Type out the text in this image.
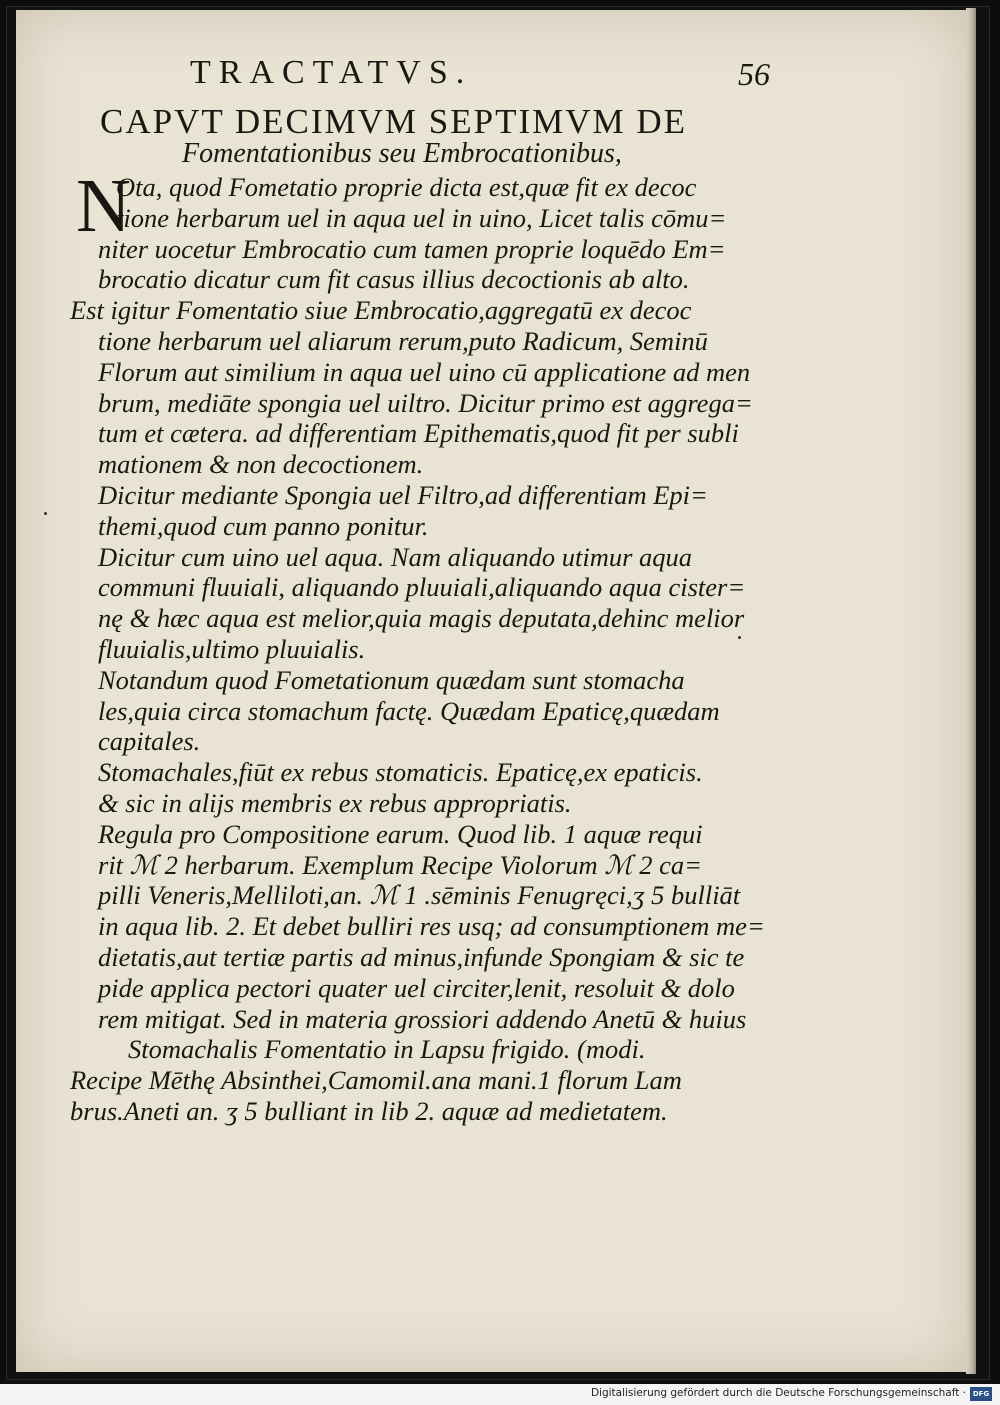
TRACTATVS.	56
CAPVT DECIMVM SEPTIMVM DE
Fomentationibus seu Embrocationibus,
N
Ota, quod Fometatio proprie dicta est,quæ fit ex decoc
tione herbarum uel in aqua uel in uino, Licet talis cōmu=
niter uocetur Embrocatio cum tamen proprie loquēdo Em=
brocatio dicatur cum fit casus illius decoctionis ab alto.
Est igitur Fomentatio siue Embrocatio,aggregatū ex decoc
tione herbarum uel aliarum rerum,puto Radicum, Seminū
Florum aut similium in aqua uel uino cū applicatione ad men
brum, mediāte spongia uel uiltro. Dicitur primo est aggrega=
tum et cætera. ad differentiam Epithematis,quod fit per subli
mationem & non decoctionem.
Dicitur mediante Spongia uel Filtro,ad differentiam Epi=
themi,quod cum panno ponitur.
Dicitur cum uino uel aqua. Nam aliquando utimur aqua
communi fluuiali, aliquando pluuiali,aliquando aqua cister=
nę & hæc aqua est melior,quia magis deputata,dehinc melior
fluuialis,ultimo pluuialis.
Notandum quod Fometationum quædam sunt stomacha
les,quia circa stomachum factę. Quædam Epaticę,quædam
capitales.
Stomachales,fiūt ex rebus stomaticis. Epaticę,ex epaticis.
& sic in alijs membris ex rebus appropriatis.
Regula pro Compositione earum. Quod lib. 1 aquæ requi
rit ℳ 2 herbarum. Exemplum Recipe Violorum ℳ 2 ca=
pilli Veneris,Melliloti,an. ℳ 1 .sēminis Fenugręci,ʒ 5 bulliāt
in aqua lib. 2. Et debet bulliri res usq; ad consumptionem me=
dietatis,aut tertiæ partis ad minus,infunde Spongiam & sic te
pide applica pectori quater uel circiter,lenit, resoluit & dolo
rem mitigat. Sed in materia grossiori addendo Anetū & huius
Stomachalis Fomentatio in Lapsu frigido. (modi.
Recipe Mēthę Absinthei,Camomil.ana mani.1 florum Lam
brus.Aneti an. ʒ 5 bulliant in lib 2. aquæ ad medietatem.
Digitalisierung gefördert durch die Deutsche Forschungsgemeinschaft · DFG
